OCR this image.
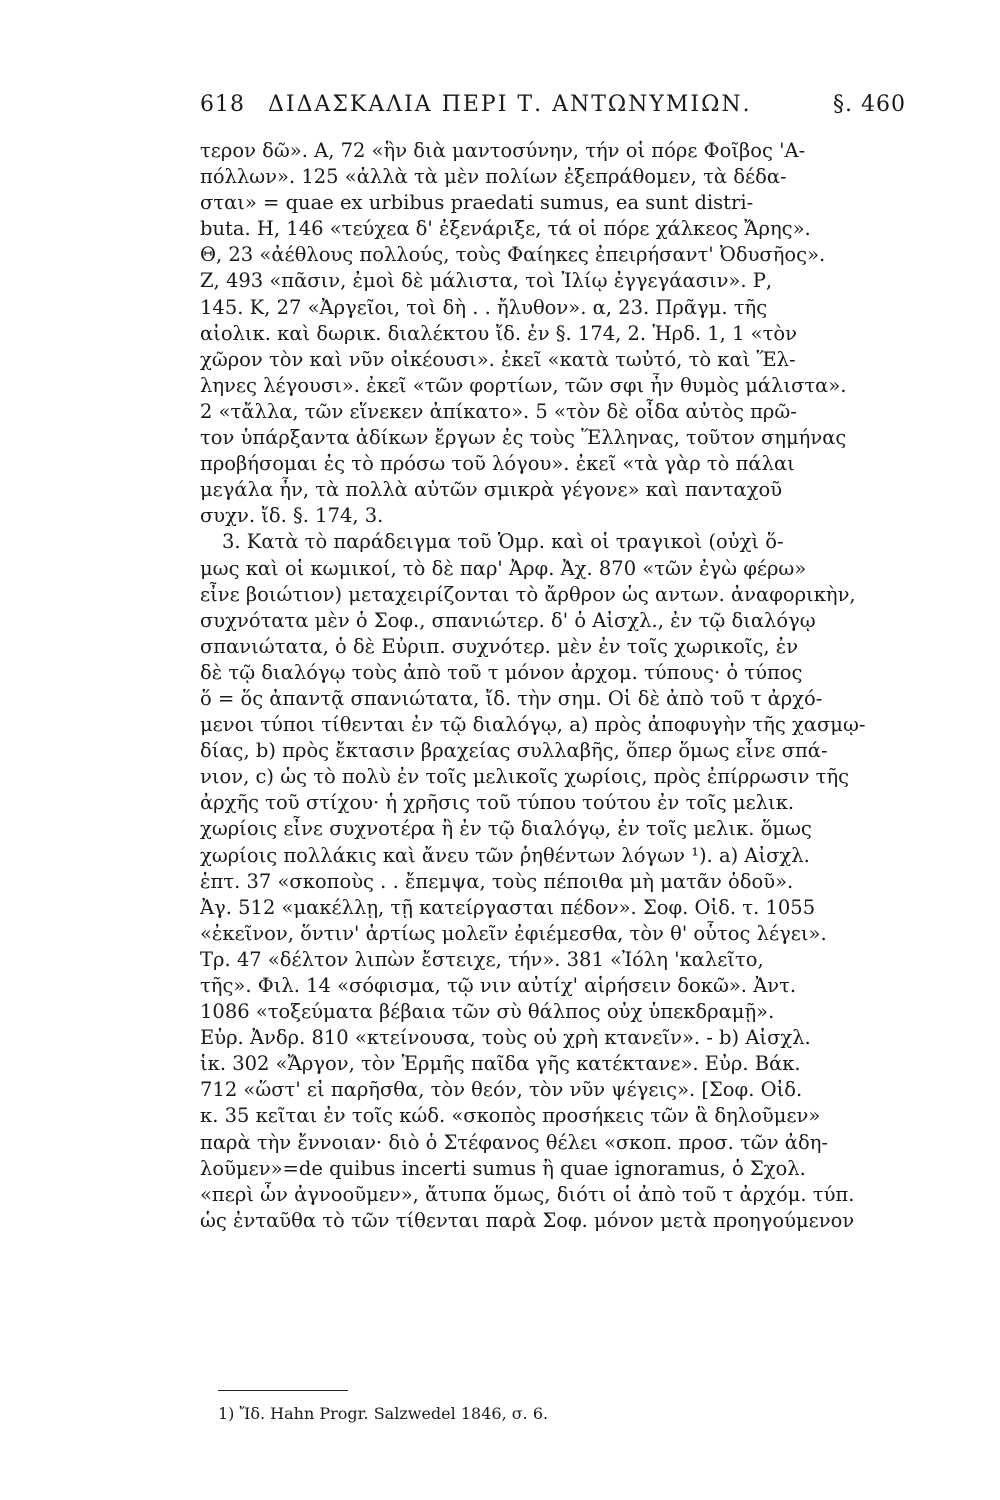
618 ΔΙΔΑΣΚΑΛΙΑ ΠΕΡΙ Τ. ΑΝΤΩΝΥΜΙΩΝ.	§. 460
τερον δῶ». Α, 72 «ἣν διὰ μαντοσύνην, τήν οἱ πόρε Φοῖβος 'Α-
πόλλων». 125 «ἀλλὰ τὰ μὲν πολίων ἐξεπράθομεν, τὰ δέδα-
σται» = quae ex urbibus praedati sumus, ea sunt distri-
buta. Η, 146 «τεύχεα δ' ἐξενάριξε, τά οἱ πόρε χάλκεος Ἄρης».
Θ, 23 «ἀέθλους πολλούς, τοὺς Φαίηκες ἐπειρήσαντ' Ὀδυσῆος».
Ζ, 493 «πᾶσιν, ἐμοὶ δὲ μάλιστα, τοὶ Ἰλίῳ ἐγγεγάασιν». Ρ,
145. Κ, 27 «Ἀργεῖοι, τοὶ δὴ . . ἤλυθον». α, 23. Πρᾶγμ. τῆς
αἰολικ. καὶ δωρικ. διαλέκτου ἴδ. ἐν §. 174, 2. Ἡρδ. 1, 1 «τὸν
χῶρον τὸν καὶ νῦν οἰκέουσι». ἐκεῖ «κατὰ τωὐτό, τὸ καὶ Ἕλ-
ληνες λέγουσι». ἐκεῖ «τῶν φορτίων, τῶν σφι ἦν θυμὸς μάλιστα».
2 «τἄλλα, τῶν εἵνεκεν ἀπίκατο». 5 «τὸν δὲ οἶδα αὐτὸς πρῶ-
τον ὑπάρξαντα ἀδίκων ἔργων ἐς τοὺς Ἕλληνας, τοῦτον σημήνας
προβήσομαι ἐς τὸ πρόσω τοῦ λόγου». ἐκεῖ «τὰ γὰρ τὸ πάλαι
μεγάλα ἦν, τὰ πολλὰ αὐτῶν σμικρὰ γέγονε» καὶ πανταχοῦ
συχν. ἴδ. §. 174, 3.
3. Κατὰ τὸ παράδειγμα τοῦ Ὁμρ. καὶ οἱ τραγικοὶ (οὐχὶ ὅ-
μως καὶ οἱ κωμικοί, τὸ δὲ παρ' Ἀρφ. Ἀχ. 870 «τῶν ἐγὼ φέρω»
εἶνε βοιώτιον) μεταχειρίζονται τὸ ἄρθρον ὡς αντων. ἀναφορικὴν,
συχνότατα μὲν ὁ Σοφ., σπανιώτερ. δ' ὁ Αἰσχλ., ἐν τῷ διαλόγῳ
σπανιώτατα, ὁ δὲ Εὐριπ. συχνότερ. μὲν ἐν τοῖς χωρικοῖς, ἐν
δὲ τῷ διαλόγῳ τοὺς ἀπὸ τοῦ τ μόνον ἀρχομ. τύπους· ὁ τύπος
ὅ = ὅς ἀπαντᾷ σπανιώτατα, ἴδ. τὴν σημ. Οἱ δὲ ἀπὸ τοῦ τ ἀρχό-
μενοι τύποι τίθενται ἐν τῷ διαλόγῳ, a) πρὸς ἀποφυγὴν τῆς χασμῳ-
δίας, b) πρὸς ἔκτασιν βραχείας συλλαβῆς, ὅπερ ὅμως εἶνε σπά-
νιον, c) ὡς τὸ πολὺ ἐν τοῖς μελικοῖς χωρίοις, πρὸς ἐπίρρωσιν τῆς
ἀρχῆς τοῦ στίχου· ἡ χρῆσις τοῦ τύπου τούτου ἐν τοῖς μελικ.
χωρίοις εἶνε συχνοτέρα ἢ ἐν τῷ διαλόγῳ, ἐν τοῖς μελικ. ὅμως
χωρίοις πολλάκις καὶ ἄνευ τῶν ῥηθέντων λόγων ¹). a) Αἰσχλ.
ἑπτ. 37 «σκοποὺς . . ἔπεμψα, τοὺς πέποιθα μὴ ματᾶν ὁδοῦ».
Ἀγ. 512 «μακέλλῃ, τῇ κατείργασται πέδον». Σοφ. Οἰδ. τ. 1055
«ἐκεῖνον, ὅντιν' ἀρτίως μολεῖν ἐφιέμεσθα, τὸν θ' οὗτος λέγει».
Τρ. 47 «δέλτον λιπὼν ἔστειχε, τήν». 381 «Ἰόλη 'καλεῖτο,
τῆς». Φιλ. 14 «σόφισμα, τῷ νιν αὐτίχ' αἱρήσειν δοκῶ». Ἀντ.
1086 «τοξεύματα βέβαια τῶν σὺ θάλπος οὐχ ὑπεκδραμῇ».
Εὐρ. Ἀνδρ. 810 «κτείνουσα, τοὺς οὐ χρὴ κτανεῖν». - b) Αἰσχλ.
ἱκ. 302 «Ἄργον, τὸν Ἑρμῆς παῖδα γῆς κατέκτανε». Εὐρ. Βάκ.
712 «ὥστ' εἰ παρῆσθα, τὸν θεόν, τὸν νῦν ψέγεις». [Σοφ. Οἰδ.
κ. 35 κεῖται ἐν τοῖς κώδ. «σκοπὸς προσήκεις τῶν ἃ δηλοῦμεν»
παρὰ τὴν ἔννοιαν· διὸ ὁ Στέφανος θέλει «σκοπ. προσ. τῶν ἀδη-
λοῦμεν»=de quibus incerti sumus ἢ quae ignoramus, ὁ Σχολ.
«περὶ ὧν ἀγνοοῦμεν», ἄτυπα ὅμως, διότι οἱ ἀπὸ τοῦ τ ἀρχόμ. τύπ.
ὡς ἐνταῦθα τὸ τῶν τίθενται παρὰ Σοφ. μόνον μετὰ προηγούμενον
1) Ἴδ. Hahn Progr. Salzwedel 1846, σ. 6.
